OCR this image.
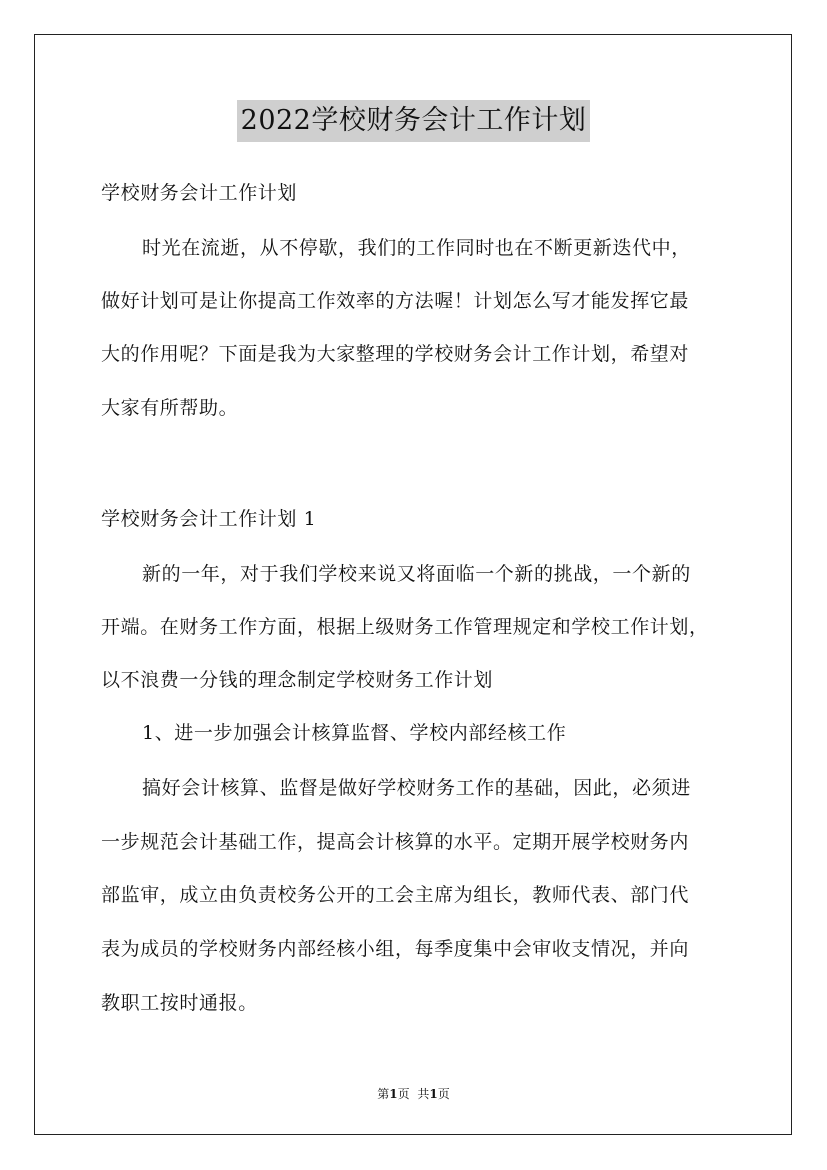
2022学校财务会计工作计划
学校财务会计工作计划
时光在流逝，从不停歇，我们的工作同时也在不断更新迭代中，
做好计划可是让你提高工作效率的方法喔！计划怎么写才能发挥它最
大的作用呢？下面是我为大家整理的学校财务会计工作计划，希望对
大家有所帮助。
学校财务会计工作计划 1
新的一年，对于我们学校来说又将面临一个新的挑战，一个新的
开端。在财务工作方面，根据上级财务工作管理规定和学校工作计划，
以不浪费一分钱的理念制定学校财务工作计划
1、进一步加强会计核算监督、学校内部经核工作
搞好会计核算、监督是做好学校财务工作的基础，因此，必须进
一步规范会计基础工作，提高会计核算的水平。定期开展学校财务内
部监审，成立由负责校务公开的工会主席为组长，教师代表、部门代
表为成员的学校财务内部经核小组，每季度集中会审收支情况，并向
教职工按时通报。
第1页 共1页
